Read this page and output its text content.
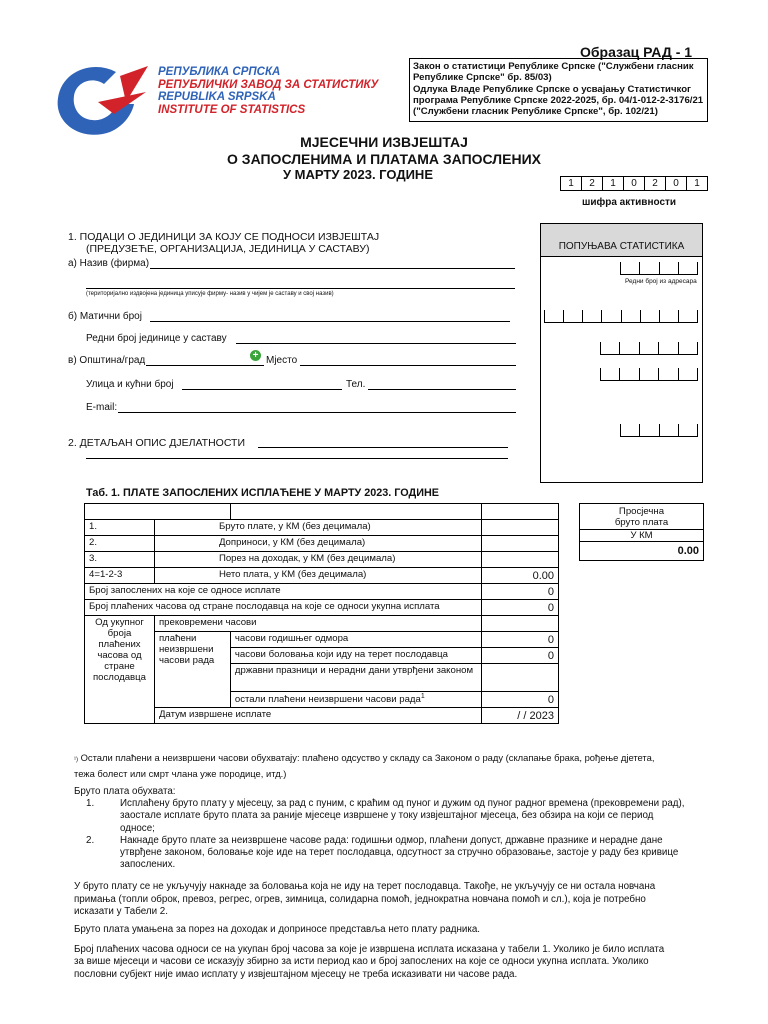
Образац РАД - 1
РЕПУБЛИКА СРПСКА
РЕПУБЛИЧКИ ЗАВОД ЗА СТАТИСТИКУ
REPUBLIKA SRPSKA
INSTITUTE OF STATISTICS
Закон о статистици Републике Српске ("Службени гласник
Републике Српске" бр. 85/03)
Одлука Владе Републике Српске о усвајању Статистичког
програма Републике Српске 2022-2025, бр. 04/1-012-2-3176/21
("Службени гласник Републике Српске", бр. 102/21)
МЈЕСЕЧНИ ИЗВЈЕШТАЈ
О ЗАПОСЛЕНИМА И ПЛАТАМА ЗАПОСЛЕНИХ
У МАРТУ 2023. ГОДИНЕ
1	2	1	0	2	0	1
шифра активности
1. ПОДАЦИ О ЈЕДИНИЦИ ЗА КОЈУ СЕ ПОДНОСИ ИЗВЈЕШТАЈ
(ПРЕДУЗЕЋЕ, ОРГАНИЗАЦИЈА, ЈЕДИНИЦА У САСТАВУ)
а) Назив (фирма)
(територијално издвојена јединица уписује фирму- назив у чијем је саставу и свој назив)
б) Матични број
Редни број јединице у саставу
в) Општина/град	+ Мјесто
Улица и кућни број	Тел.
E-mail:
2. ДЕТАЉАН ОПИС ДЈЕЛАТНОСТИ
ПОПУЊАВА СТАТИСТИКА
Редни број из адресара
Таб. 1. ПЛАТЕ ЗАПОСЛЕНИХ ИСПЛАЋЕНЕ У МАРТУ 2023. ГОДИНЕ

1.	Бруто плате, у КМ (без децимала)		
2.	Доприноси, у КМ (без децимала)		
3.	Порез на доходак, у КМ (без децимала)		
4=1-2-3	Нето плата, у КМ (без децимала)		0.00
Број запослених на које се односе исплате			0
Број плаћених часова од стране послодавца на које се односи укупна исплата			0
Од укупног броја плаћених часова од стране послодавца	прековремени часови		
	плаћени неизвршени часови рада	часови годишњег одмора	0
		часови боловања који иду на терет послодавца	0
		државни празници и нерадни дани утврђени законом	
		остали плаћени неизвршени часови рада$^1$	0
	Датум извршене исплате		/ / 2023
Просјечна
бруто плата
У КМ
0.00
¹) Остали плаћени а неизвршени часови обухватају: плаћено одсуство у складу са Законом о раду (склапање брака, рођење дјетета,
тежа болест или смрт члана уже породице, итд.)
Бруто плата обухвата:
1.	Исплаћену бруто плату у мјесецу, за рад с пуним, с краћим од пуног и дужим од пуног радног времена (прековремени рад),
заостале исплате бруто плата за раније мјесеце извршене у току извјештајног мјесеца, без обзира на који се период
односе;
2.	Накнаде бруто плате за неизвршене часове рада: годишњи одмор, плаћени допуст, државне празнике и нерадне дане
утврђене законом, боловање које иде на терет послодавца, одсутност за стручно образовање, застоје у раду без кривице
запослених.
У бруто плату се не укључују накнаде за боловања која не иду на терет послодавца. Такође, не укључују се ни остала новчана
примања (топли оброк, превоз, регрес, огрев, зимница, солидарна помоћ, једнократна новчана помоћ и сл.), која је потребно
исказати у Табели 2.
Бруто плата умањена за порез на доходак и доприносе представља нето плату радника.
Број плаћених часова односи се на укупан број часова за које је извршена исплата исказана у табели 1. Уколико је било исплата
за више мјесеци и часови се исказују збирно за исти период као и број запослених на које се односи укупна исплата. Уколико
пословни субјект није имао исплату у извјештајном мјесецу не треба исказивати ни часове рада.
